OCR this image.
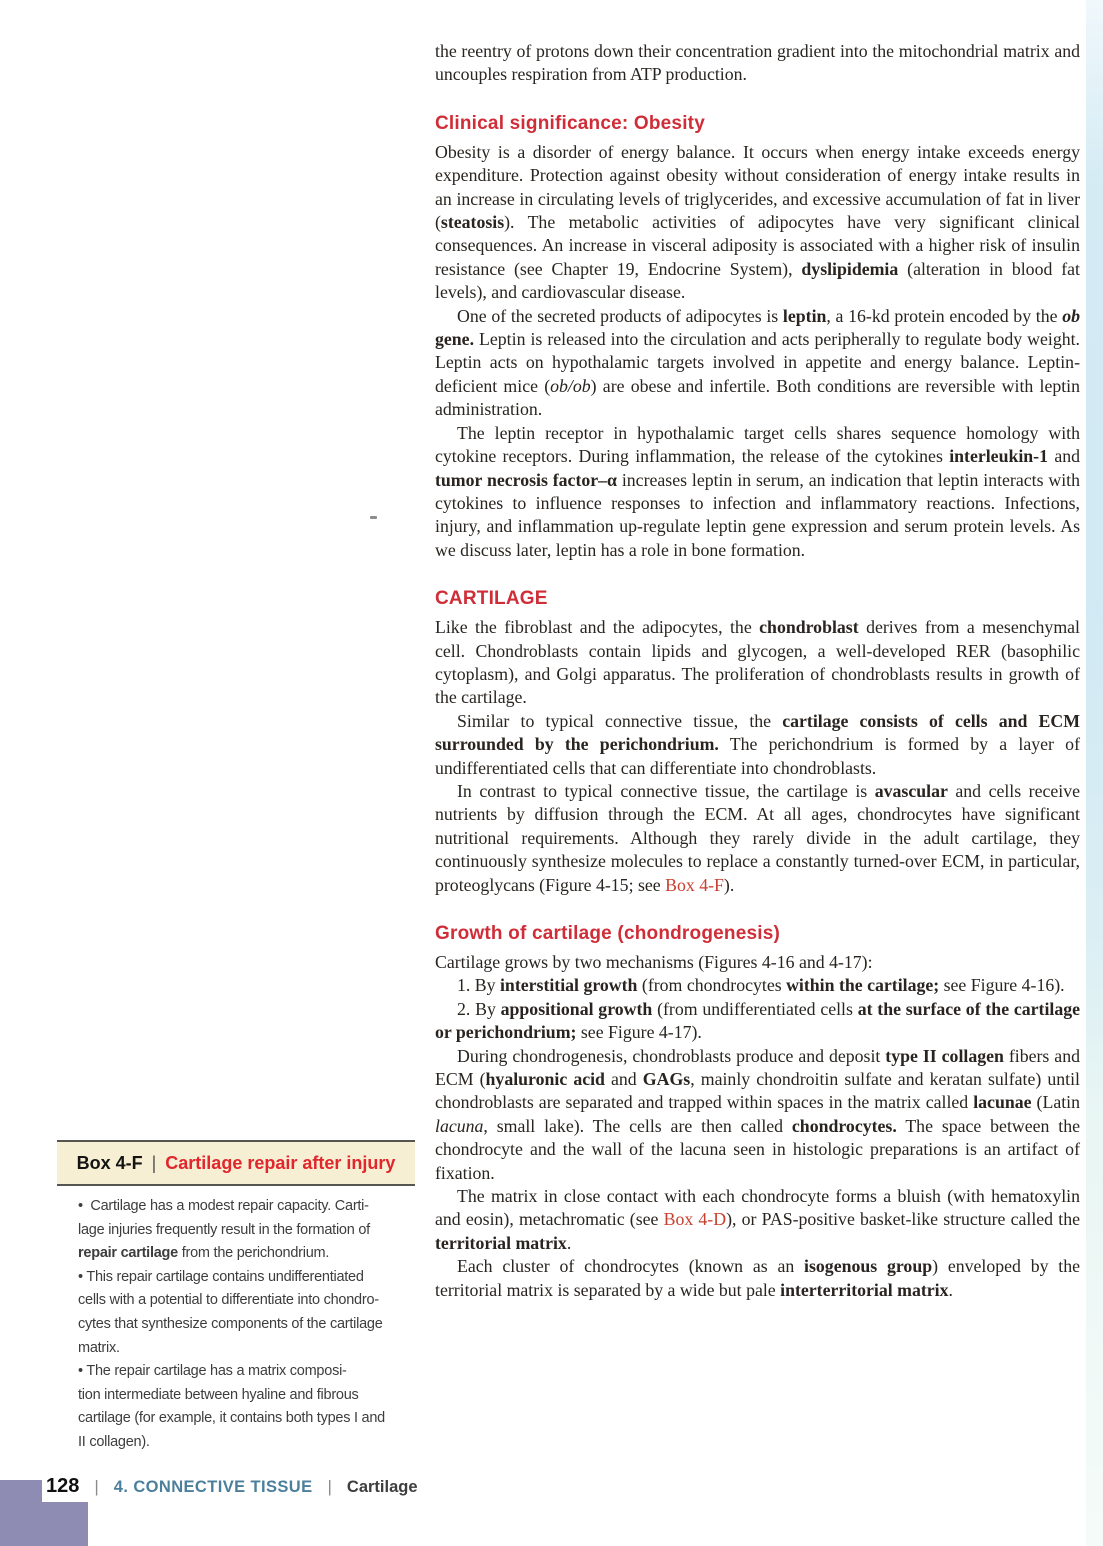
the reentry of protons down their concentration gradient into the mitochondrial matrix and uncouples respiration from ATP production.
Clinical significance: Obesity
Obesity is a disorder of energy balance. It occurs when energy intake exceeds energy expenditure. Protection against obesity without consideration of energy intake results in an increase in circulating levels of triglycerides, and excessive accumulation of fat in liver (steatosis). The metabolic activities of adipocytes have very significant clinical consequences. An increase in visceral adiposity is associated with a higher risk of insulin resistance (see Chapter 19, Endocrine System), dyslipidemia (alteration in blood fat levels), and cardiovascular disease.
One of the secreted products of adipocytes is leptin, a 16-kd protein encoded by the ob gene. Leptin is released into the circulation and acts peripherally to regulate body weight. Leptin acts on hypothalamic targets involved in appetite and energy balance. Leptin-deficient mice (ob/ob) are obese and infertile. Both conditions are reversible with leptin administration.
The leptin receptor in hypothalamic target cells shares sequence homology with cytokine receptors. During inflammation, the release of the cytokines interleukin-1 and tumor necrosis factor–α increases leptin in serum, an indication that leptin interacts with cytokines to influence responses to infection and inflammatory reactions. Infections, injury, and inflammation up-regulate leptin gene expression and serum protein levels. As we discuss later, leptin has a role in bone formation.
CARTILAGE
Like the fibroblast and the adipocytes, the chondroblast derives from a mesenchymal cell. Chondroblasts contain lipids and glycogen, a well-developed RER (basophilic cytoplasm), and Golgi apparatus. The proliferation of chondroblasts results in growth of the cartilage.
Similar to typical connective tissue, the cartilage consists of cells and ECM surrounded by the perichondrium. The perichondrium is formed by a layer of undifferentiated cells that can differentiate into chondroblasts.
In contrast to typical connective tissue, the cartilage is avascular and cells receive nutrients by diffusion through the ECM. At all ages, chondrocytes have significant nutritional requirements. Although they rarely divide in the adult cartilage, they continuously synthesize molecules to replace a constantly turned-over ECM, in particular, proteoglycans (Figure 4-15; see Box 4-F).
Growth of cartilage (chondrogenesis)
Cartilage grows by two mechanisms (Figures 4-16 and 4-17):
1. By interstitial growth (from chondrocytes within the cartilage; see Figure 4-16).
2. By appositional growth (from undifferentiated cells at the surface of the cartilage or perichondrium; see Figure 4-17).
During chondrogenesis, chondroblasts produce and deposit type II collagen fibers and ECM (hyaluronic acid and GAGs, mainly chondroitin sulfate and keratan sulfate) until chondroblasts are separated and trapped within spaces in the matrix called lacunae (Latin lacuna, small lake). The cells are then called chondrocytes. The space between the chondrocyte and the wall of the lacuna seen in histologic preparations is an artifact of fixation.
The matrix in close contact with each chondrocyte forms a bluish (with hematoxylin and eosin), metachromatic (see Box 4-D), or PAS-positive basket-like structure called the territorial matrix.
Each cluster of chondrocytes (known as an isogenous group) enveloped by the territorial matrix is separated by a wide but pale interterritorial matrix.
Box 4-F | Cartilage repair after injury
•  Cartilage has a modest repair capacity. Carti-
lage injuries frequently result in the formation of
repair cartilage from the perichondrium.
• This repair cartilage contains undifferentiated
cells with a potential to differentiate into chondro-
cytes that synthesize components of the cartilage
matrix.
• The repair cartilage has a matrix composi-
tion intermediate between hyaline and fibrous
cartilage (for example, it contains both types I and
II collagen).
128 | 4. CONNECTIVE TISSUE | Cartilage
